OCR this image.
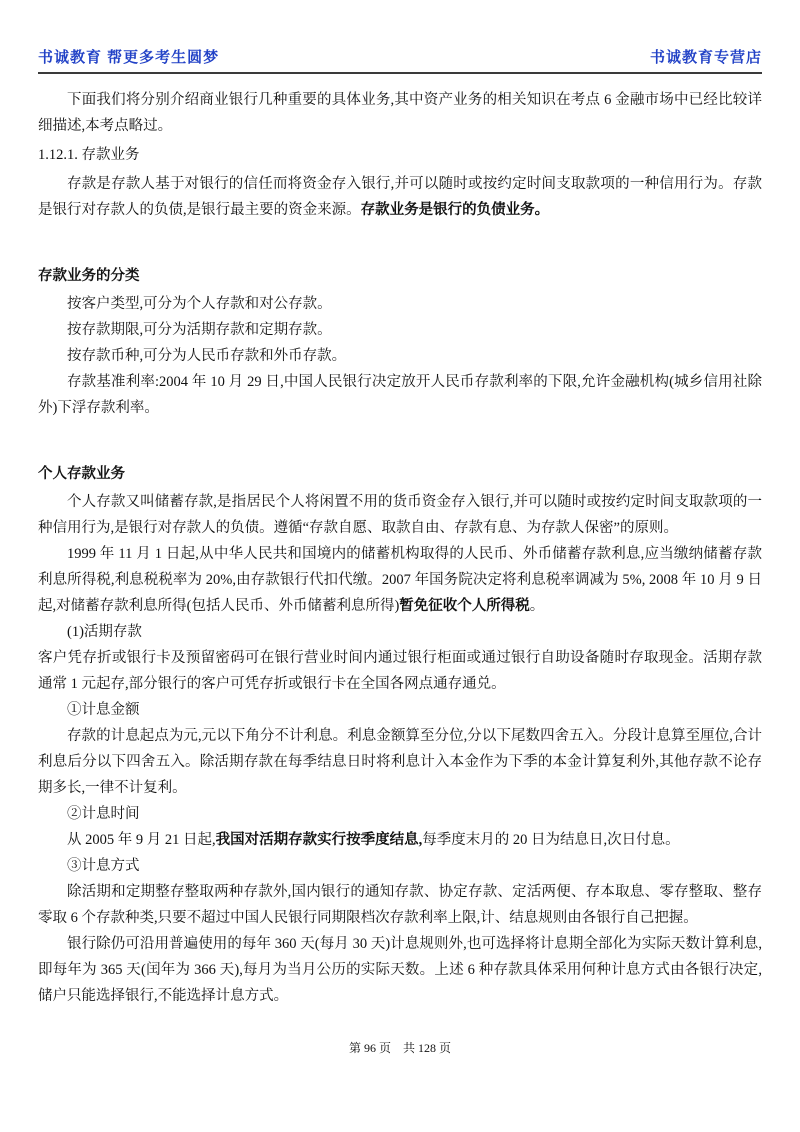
书诚教育 帮更多考生圆梦	书诚教育专营店

下面我们将分别介绍商业银行几种重要的具体业务,其中资产业务的相关知识在考点 6 金融市场中已经比较详细描述,本考点略过。

1.12.1. 存款业务

存款是存款人基于对银行的信任而将资金存入银行,并可以随时或按约定时间支取款项的一种信用行为。存款是银行对存款人的负债,是银行最主要的资金来源。存款业务是银行的负债业务。

存款业务的分类

按客户类型,可分为个人存款和对公存款。

按存款期限,可分为活期存款和定期存款。

按存款币种,可分为人民币存款和外币存款。

存款基准利率:2004 年 10 月 29 日,中国人民银行决定放开人民币存款利率的下限,允许金融机构(城乡信用社除外)下浮存款利率。

个人存款业务

个人存款又叫储蓄存款,是指居民个人将闲置不用的货币资金存入银行,并可以随时或按约定时间支取款项的一种信用行为,是银行对存款人的负债。遵循“存款自愿、取款自由、存款有息、为存款人保密”的原则。

1999 年 11 月 1 日起,从中华人民共和国境内的储蓄机构取得的人民币、外币储蓄存款利息,应当缴纳储蓄存款利息所得税,利息税税率为 20%,由存款银行代扣代缴。2007 年国务院决定将利息税率调减为 5%, 2008 年 10 月 9 日起,对储蓄存款利息所得(包括人民币、外币储蓄利息所得)暂免征收个人所得税。

(1)活期存款

客户凭存折或银行卡及预留密码可在银行营业时间内通过银行柜面或通过银行自助设备随时存取现金。活期存款通常 1 元起存,部分银行的客户可凭存折或银行卡在全国各网点通存通兑。

①计息金额

存款的计息起点为元,元以下角分不计利息。利息金额算至分位,分以下尾数四舍五入。分段计息算至厘位,合计利息后分以下四舍五入。除活期存款在每季结息日时将利息计入本金作为下季的本金计算复利外,其他存款不论存期多长,一律不计复利。

②计息时间

从 2005 年 9 月 21 日起,我国对活期存款实行按季度结息,每季度末月的 20 日为结息日,次日付息。

③计息方式

除活期和定期整存整取两种存款外,国内银行的通知存款、协定存款、定活两便、存本取息、零存整取、整存零取 6 个存款种类,只要不超过中国人民银行同期限档次存款利率上限,计、结息规则由各银行自己把握。

银行除仍可沿用普遍使用的每年 360 天(每月 30 天)计息规则外,也可选择将计息期全部化为实际天数计算利息,即每年为 365 天(闰年为 366 天),每月为当月公历的实际天数。上述 6 种存款具体采用何种计息方式由各银行决定,储户只能选择银行,不能选择计息方式。

第 96 页　共 128 页
